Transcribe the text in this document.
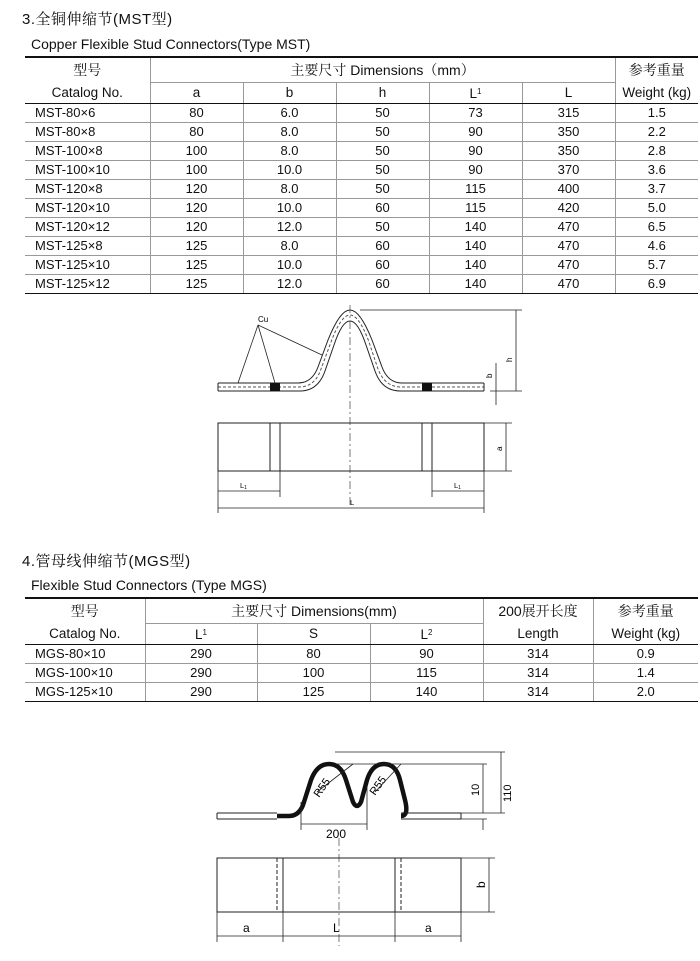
3.全铜伸缩节(MST型)
Copper Flexible Stud Connectors(Type MST)
型号	主要尺寸 Dimensions（mm）					参考重量
Catalog No.	a	b	h	$L^1$	L	Weight (kg)
MST-80×6	80	6.0	50	73	315	1.5
MST-80×8	80	8.0	50	90	350	2.2
MST-100×8	100	8.0	50	90	350	2.8
MST-100×10	100	10.0	50	90	370	3.6
MST-120×8	120	8.0	50	115	400	3.7
MST-120×10	120	10.0	60	115	420	5.0
MST-120×12	120	12.0	50	140	470	6.5
MST-125×8	125	8.0	60	140	470	4.6
MST-125×10	125	10.0	60	140	470	5.7
MST-125×12	125	12.0	60	140	470	6.9
Cu
h
b
a
L1	L1
L
4.管母线伸缩节(MGS型)
Flexible Stud Connectors (Type MGS)
型号	主要尺寸 Dimensions(mm)			200展开长度	参考重量
Catalog No.	$L^1$	S	$L^2$	Length	Weight (kg)
MGS-80×10	290	80	90	314	0.9
MGS-100×10	290	100	115	314	1.4
MGS-125×10	290	125	140	314	2.0
R55	R55
200
10 110
b
a	L	a
